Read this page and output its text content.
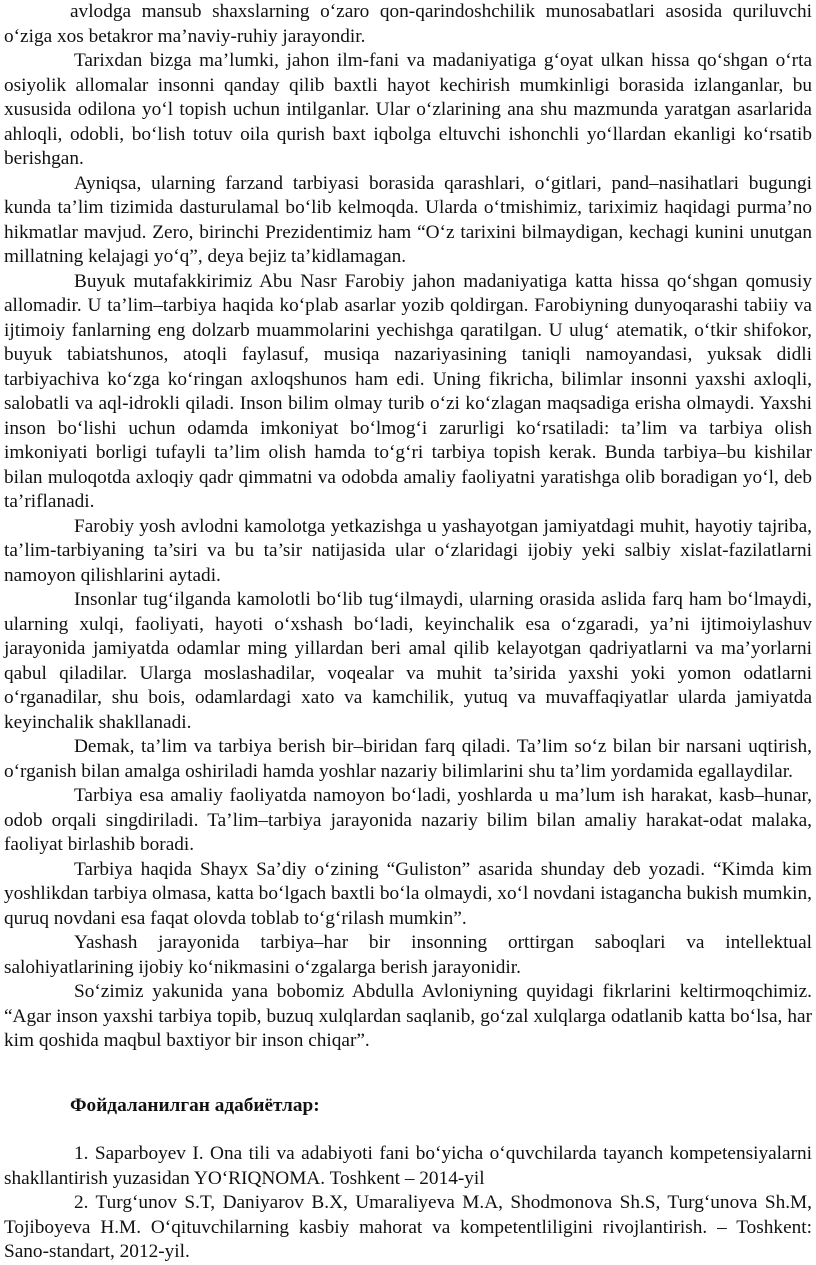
avlodga mansub shaxslarning o‘zaro qon-qarindoshchilik munosabatlari asosida quriluvchi o‘ziga xos betakror ma’naviy-ruhiy jarayondir.

Tarixdan bizga ma’lumki, jahon ilm-fani va madaniyatiga g‘oyat ulkan hissa qo‘shgan o‘rta osiyolik allomalar insonni qanday qilib baxtli hayot kechirish mumkinligi borasida izlanganlar, bu xususida odilona yo‘l topish uchun intilganlar. Ular o‘zlarining ana shu mazmunda yaratgan asarlarida ahloqli, odobli, bo‘lish totuv oila qurish baxt iqbolga eltuvchi ishonchli yo‘llardan ekanligi ko‘rsatib berishgan.

Ayniqsa, ularning farzand tarbiyasi borasida qarashlari, o‘gitlari, pand–nasihatlari bugungi kunda ta’lim tizimida dasturulamal bo‘lib kelmoqda. Ularda o‘tmishimiz, tariximiz haqidagi purma’no hikmatlar mavjud. Zero, birinchi Prezidentimiz ham “O‘z tarixini bilmaydigan, kechagi kunini unutgan millatning kelajagi yo‘q”, deya bejiz ta’kidlamagan.

Buyuk mutafakkirimiz Abu Nasr Farobiy jahon madaniyatiga katta hissa qo‘shgan qomusiy allomadir. U ta’lim–tarbiya haqida ko‘plab asarlar yozib qoldirgan. Farobiyning dunyoqarashi tabiiy va ijtimoiy fanlarning eng dolzarb muammolarini yechishga qaratilgan. U ulug‘ atematik, o‘tkir shifokor, buyuk tabiatshunos, atoqli faylasuf, musiqa nazariyasining taniqli namoyandasi, yuksak didli tarbiyachiva ko‘zga ko‘ringan axloqshunos ham edi. Uning fikricha, bilimlar insonni yaxshi axloqli, salobatli va aql-idrokli qiladi. Inson bilim olmay turib o‘zi ko‘zlagan maqsadiga erisha olmaydi. Yaxshi inson bo‘lishi uchun odamda imkoniyat bo‘lmog‘i zarurligi ko‘rsatiladi: ta’lim va tarbiya olish imkoniyati borligi tufayli ta’lim olish hamda to‘g‘ri tarbiya topish kerak. Bunda tarbiya–bu kishilar bilan muloqotda axloqiy qadr qimmatni va odobda amaliy faoliyatni yaratishga olib boradigan yo‘l, deb ta’riflanadi.

Farobiy yosh avlodni kamolotga yetkazishga u yashayotgan jamiyatdagi muhit, hayotiy tajriba, ta’lim-tarbiyaning ta’siri va bu ta’sir natijasida ular o‘zlaridagi ijobiy yeki salbiy xislat-fazilatlarni namoyon qilishlarini aytadi.

Insonlar tug‘ilganda kamolotli bo‘lib tug‘ilmaydi, ularning orasida aslida farq ham bo‘lmaydi, ularning xulqi, faoliyati, hayoti o‘xshash bo‘ladi, keyinchalik esa o‘zgaradi, ya’ni ijtimoiylashuv jarayonida jamiyatda odamlar ming yillardan beri amal qilib kelayotgan qadriyatlarni va ma’yorlarni qabul qiladilar. Ularga moslashadilar, voqealar va muhit ta’sirida yaxshi yoki yomon odatlarni o‘rganadilar, shu bois, odamlardagi xato va kamchilik, yutuq va muvaffaqiyatlar ularda jamiyatda keyinchalik shakllanadi.

Demak, ta’lim va tarbiya berish bir–biridan farq qiladi. Ta’lim so‘z bilan bir narsani uqtirish, o‘rganish bilan amalga oshiriladi hamda yoshlar nazariy bilimlarini shu ta’lim yordamida egallaydilar.

Tarbiya esa amaliy faoliyatda namoyon bo‘ladi, yoshlarda u ma’lum ish harakat, kasb–hunar, odob orqali singdiriladi. Ta’lim–tarbiya jarayonida nazariy bilim bilan amaliy harakat-odat malaka, faoliyat birlashib boradi.

Tarbiya haqida Shayx Sa’diy o‘zining “Guliston” asarida shunday deb yozadi. “Kimda kim yoshlikdan tarbiya olmasa, katta bo‘lgach baxtli bo‘la olmaydi, xo‘l novdani istaganchа bukish mumkin, quruq novdani esa faqat olovda toblab to‘g‘rilash mumkin”.

Yashash jarayonida tarbiya–har bir insonning orttirgan saboqlari va intellektual salohiyatlarining ijobiy ko‘nikmasini o‘zgalarga berish jarayonidir.

So‘zimiz yakunida yana bobomiz Abdulla Avloniyning quyidagi fikrlarini keltirmoqchimiz. “Agar inson yaxshi tarbiya topib, buzuq xulqlardan saqlanib, go‘zal xulqlarga odatlanib katta bo‘lsa, har kim qoshida maqbul baxtiyor bir inson chiqar”.

Фойдаланилган адабиётлар:

1. Saparboyev I. Ona tili va adabiyoti fani bo‘yicha o‘quvchilarda tayanch kompetensiyalarni shakllantirish yuzasidan YO‘RIQNOMA. Toshkent – 2014-yil

2. Turg‘unov S.T, Daniyarov B.X, Umaraliyeva M.A, Shodmonova Sh.S, Turg‘unova Sh.M, Tojiboyeva H.M. O‘qituvchilarning kasbiy mahorat va kompetentliligini rivojlantirish. – Toshkent: Sano-standart, 2012-yil.
